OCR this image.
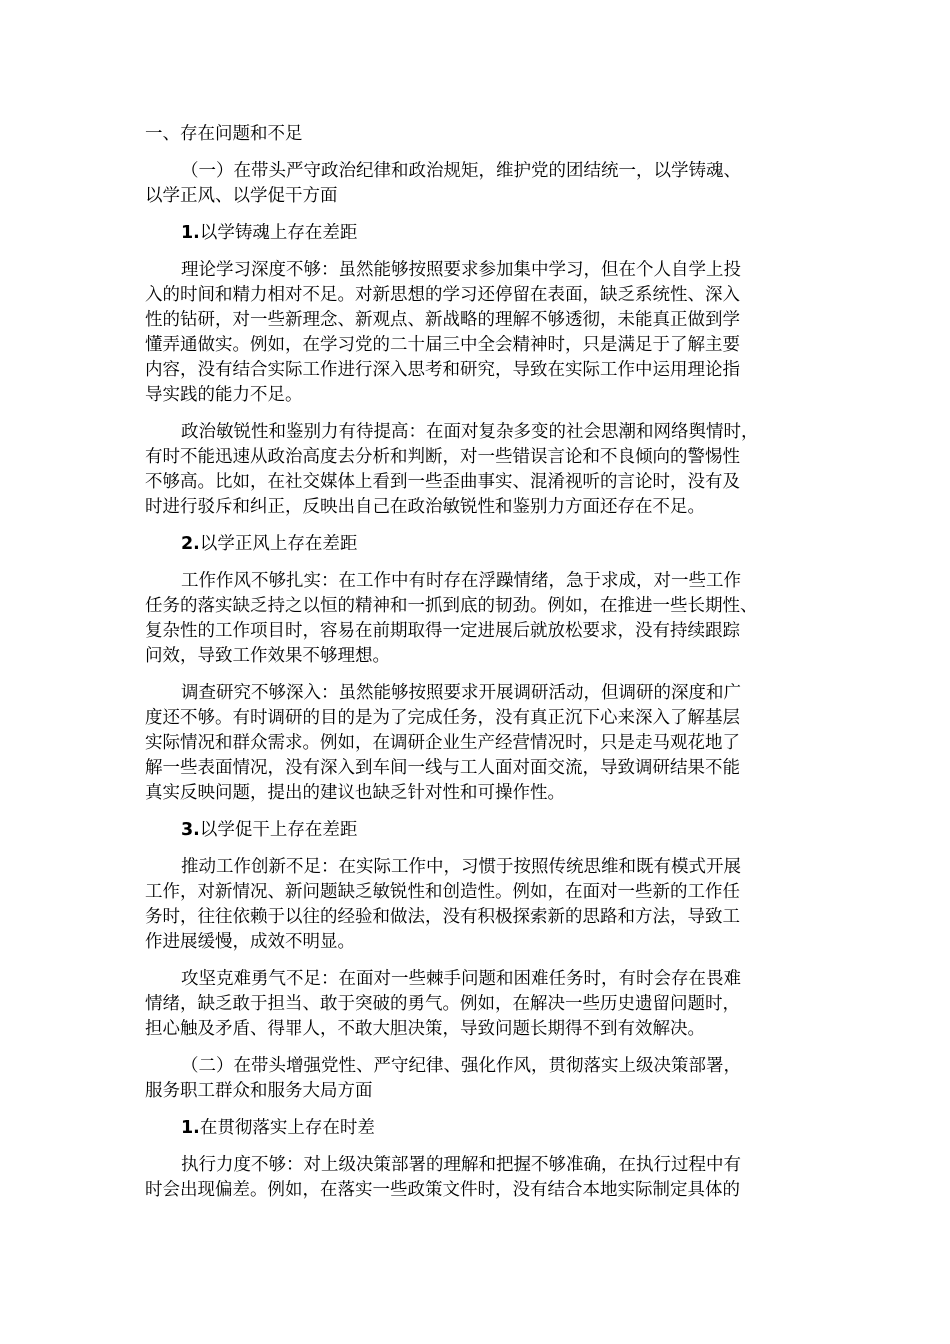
一、存在问题和不足

（一）在带头严守政治纪律和政治规矩，维护党的团结统一，以学铸魂、

以学正风、以学促干方面

1.以学铸魂上存在差距

理论学习深度不够：虽然能够按照要求参加集中学习，但在个人自学上投

入的时间和精力相对不足。对新思想的学习还停留在表面，缺乏系统性、深入

性的钻研，对一些新理念、新观点、新战略的理解不够透彻，未能真正做到学

懂弄通做实。例如，在学习党的二十届三中全会精神时，只是满足于了解主要

内容，没有结合实际工作进行深入思考和研究，导致在实际工作中运用理论指

导实践的能力不足。

政治敏锐性和鉴别力有待提高：在面对复杂多变的社会思潮和网络舆情时，

有时不能迅速从政治高度去分析和判断，对一些错误言论和不良倾向的警惕性

不够高。比如，在社交媒体上看到一些歪曲事实、混淆视听的言论时，没有及

时进行驳斥和纠正，反映出自己在政治敏锐性和鉴别力方面还存在不足。

2.以学正风上存在差距

工作作风不够扎实：在工作中有时存在浮躁情绪，急于求成，对一些工作

任务的落实缺乏持之以恒的精神和一抓到底的韧劲。例如，在推进一些长期性、

复杂性的工作项目时，容易在前期取得一定进展后就放松要求，没有持续跟踪

问效，导致工作效果不够理想。

调查研究不够深入：虽然能够按照要求开展调研活动，但调研的深度和广

度还不够。有时调研的目的是为了完成任务，没有真正沉下心来深入了解基层

实际情况和群众需求。例如，在调研企业生产经营情况时，只是走马观花地了

解一些表面情况，没有深入到车间一线与工人面对面交流，导致调研结果不能

真实反映问题，提出的建议也缺乏针对性和可操作性。

3.以学促干上存在差距

推动工作创新不足：在实际工作中，习惯于按照传统思维和既有模式开展

工作，对新情况、新问题缺乏敏锐性和创造性。例如，在面对一些新的工作任

务时，往往依赖于以往的经验和做法，没有积极探索新的思路和方法，导致工

作进展缓慢，成效不明显。

攻坚克难勇气不足：在面对一些棘手问题和困难任务时，有时会存在畏难

情绪，缺乏敢于担当、敢于突破的勇气。例如，在解决一些历史遗留问题时，

担心触及矛盾、得罪人，不敢大胆决策，导致问题长期得不到有效解决。

（二）在带头增强党性、严守纪律、强化作风，贯彻落实上级决策部署，

服务职工群众和服务大局方面

1.在贯彻落实上存在时差

执行力度不够：对上级决策部署的理解和把握不够准确，在执行过程中有

时会出现偏差。例如，在落实一些政策文件时，没有结合本地实际制定具体的
